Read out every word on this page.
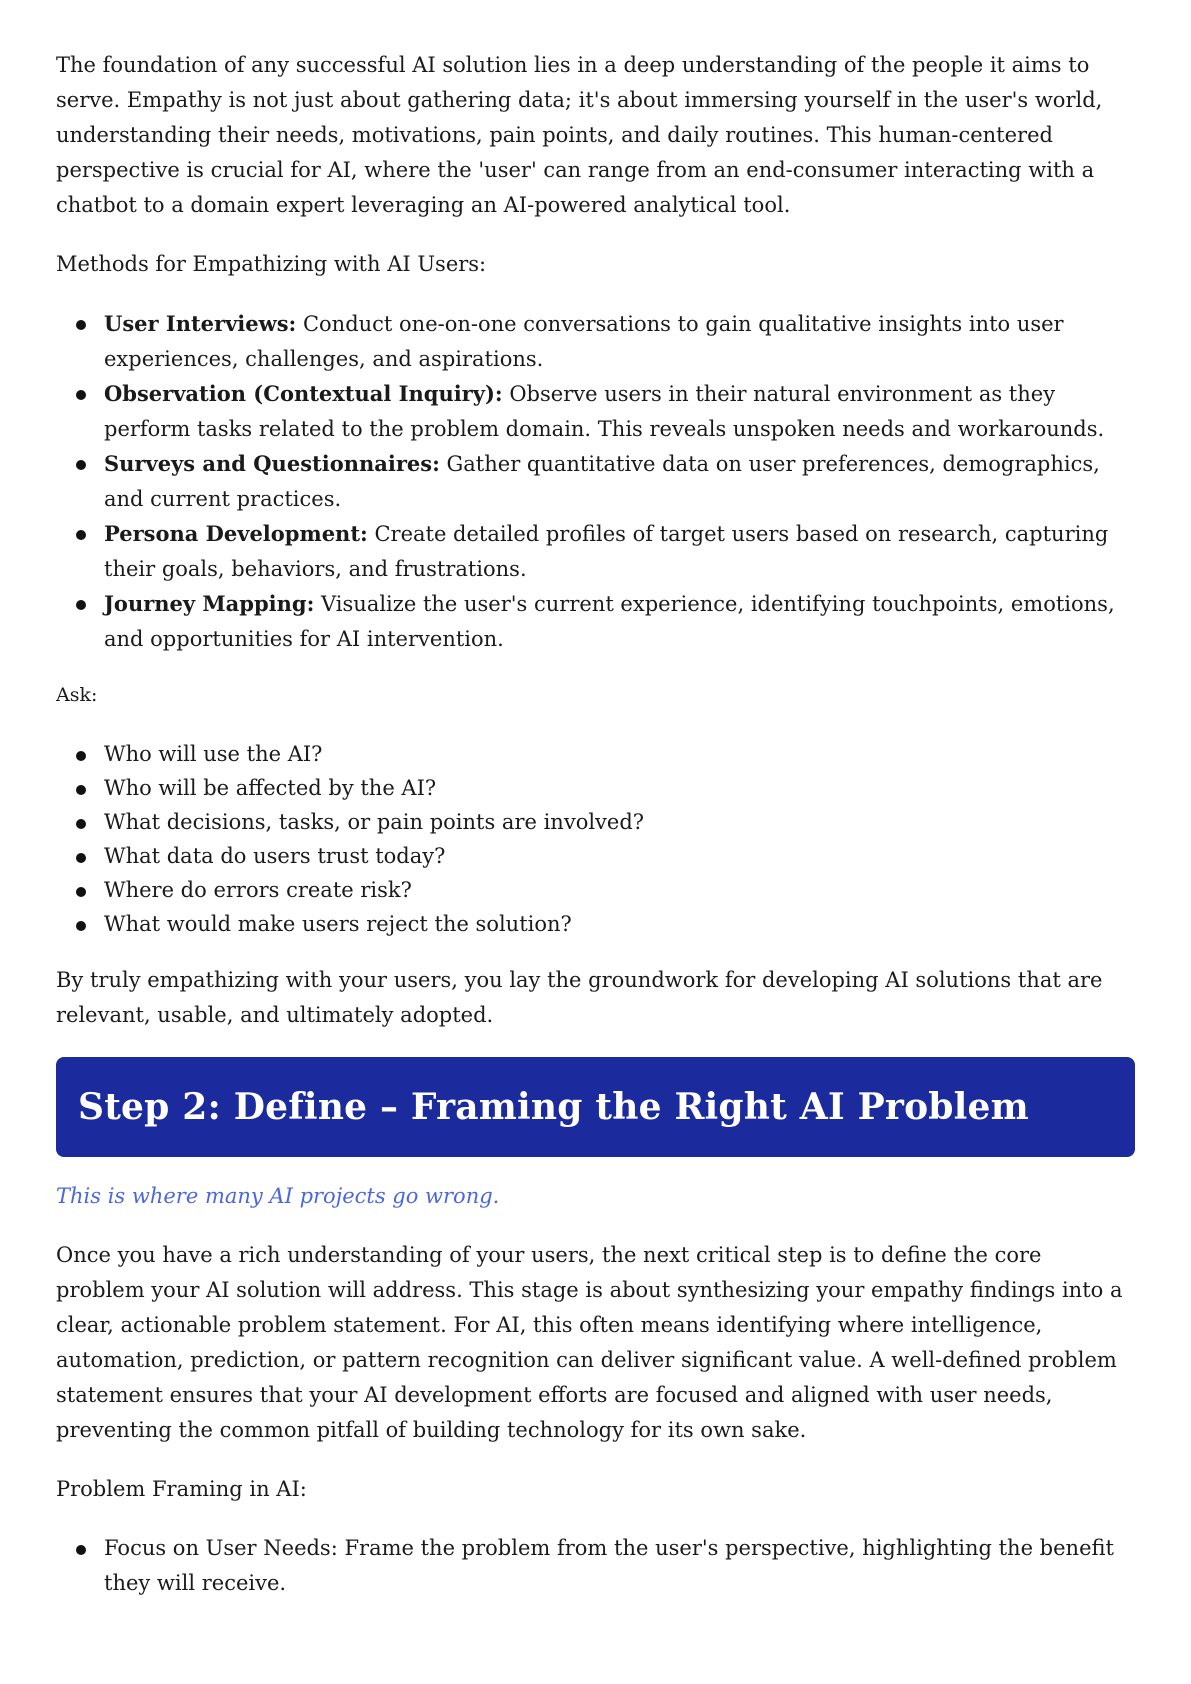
The foundation of any successful AI solution lies in a deep understanding of the people it aims to serve. Empathy is not just about gathering data; it's about immersing yourself in the user's world, understanding their needs, motivations, pain points, and daily routines. This human-centered perspective is crucial for AI, where the 'user' can range from an end-consumer interacting with a chatbot to a domain expert leveraging an AI-powered analytical tool.

Methods for Empathizing with AI Users:

User Interviews: Conduct one-on-one conversations to gain qualitative insights into user experiences, challenges, and aspirations.
Observation (Contextual Inquiry): Observe users in their natural environment as they perform tasks related to the problem domain. This reveals unspoken needs and workarounds.
Surveys and Questionnaires: Gather quantitative data on user preferences, demographics, and current practices.
Persona Development: Create detailed profiles of target users based on research, capturing their goals, behaviors, and frustrations.
Journey Mapping: Visualize the user's current experience, identifying touchpoints, emotions, and opportunities for AI intervention.

Ask:

Who will use the AI?
Who will be affected by the AI?
What decisions, tasks, or pain points are involved?
What data do users trust today?
Where do errors create risk?
What would make users reject the solution?

By truly empathizing with your users, you lay the groundwork for developing AI solutions that are relevant, usable, and ultimately adopted.

Step 2: Define – Framing the Right AI Problem

This is where many AI projects go wrong.

Once you have a rich understanding of your users, the next critical step is to define the core problem your AI solution will address. This stage is about synthesizing your empathy findings into a clear, actionable problem statement. For AI, this often means identifying where intelligence, automation, prediction, or pattern recognition can deliver significant value. A well-defined problem statement ensures that your AI development efforts are focused and aligned with user needs, preventing the common pitfall of building technology for its own sake.

Problem Framing in AI:

Focus on User Needs: Frame the problem from the user's perspective, highlighting the benefit they will receive.
